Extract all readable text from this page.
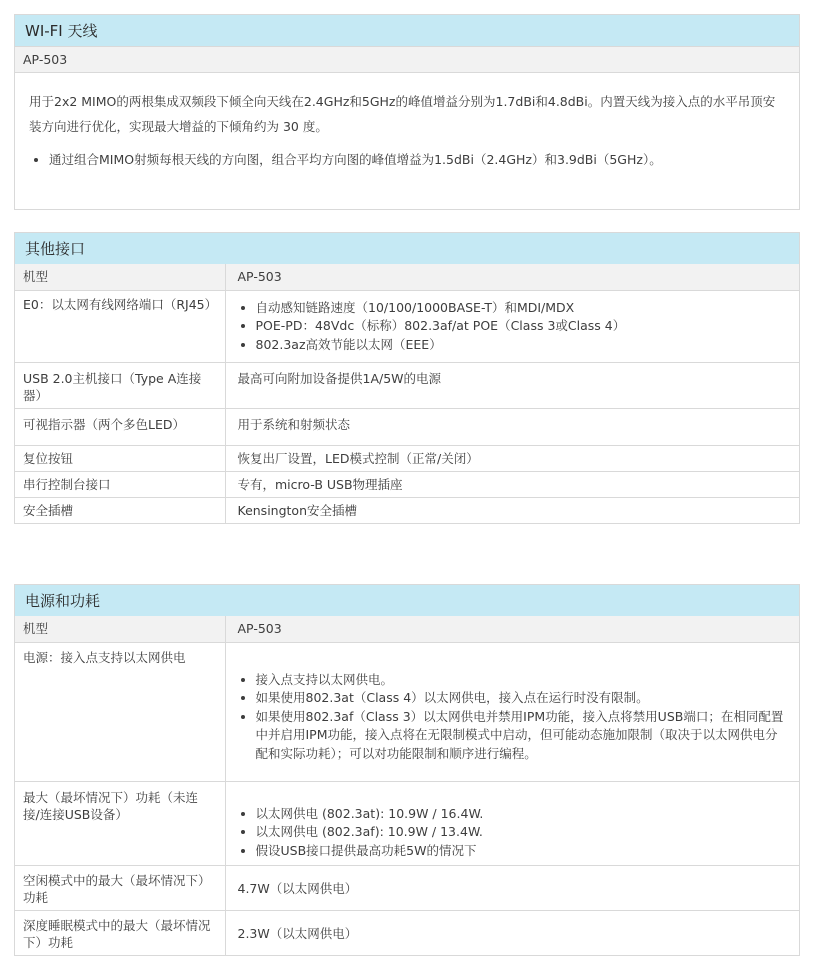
WI-FI 天线
AP-503

用于2x2 MIMO的两根集成双频段下倾全向天线在2.4GHz和5GHz的峰值增益分别为1.7dBi和4.8dBi。内置天线为接入点的水平吊顶安装方向进行优化，实现最大增益的下倾角约为 30 度。

• 通过组合MIMO射频每根天线的方向图，组合平均方向图的峰值增益为1.5dBi（2.4GHz）和3.9dBi（5GHz）。
其他接口
机型	AP-503
E0：以太网有线网络端口（RJ45）	
•自动感知链路速度（10/100/1000BASE-T）和MDI/MDX
• POE-PD：48Vdc（标称）802.3af/at POE（Class 3或Class 4）
• 802.3az高效节能以太网（EEE）

USB 2.0主机接口（Type A连接器）	最高可向附加设备提供1A/5W的电源
可视指示器（两个多色LED）	用于系统和射频状态
复位按钮	恢复出厂设置，LED模式控制（正常/关闭）
串行控制台接口	专有，micro-B USB物理插座
安全插槽	Kensington安全插槽
电源和功耗
机型	AP-503
电源：接入点支持以太网供电	
• 接入点支持以太网供电。
• 如果使用802.3at（Class 4）以太网供电，接入点在运行时没有限制。
• 如果使用802.3af（Class 3）以太网供电并禁用IPM功能，接入点将禁用USB端口；在相同配置中并启用IPM功能，接入点将在无限制模式中启动，但可能动态施加限制（取决于以太网供电分配和实际功耗）；可以对功能限制和顺序进行编程。

最大（最坏情况下）功耗（未连接/连接USB设备）	
•以太网供电 (802.3at): 10.9W / 16.4W.
• 以太网供电 (802.3af): 10.9W / 13.4W.
• 假设USB接口提供最高功耗5W的情况下

空闲模式中的最大（最坏情况下）功耗	4.7W（以太网供电）
深度睡眠模式中的最大（最坏情况下）功耗	2.3W（以太网供电）
